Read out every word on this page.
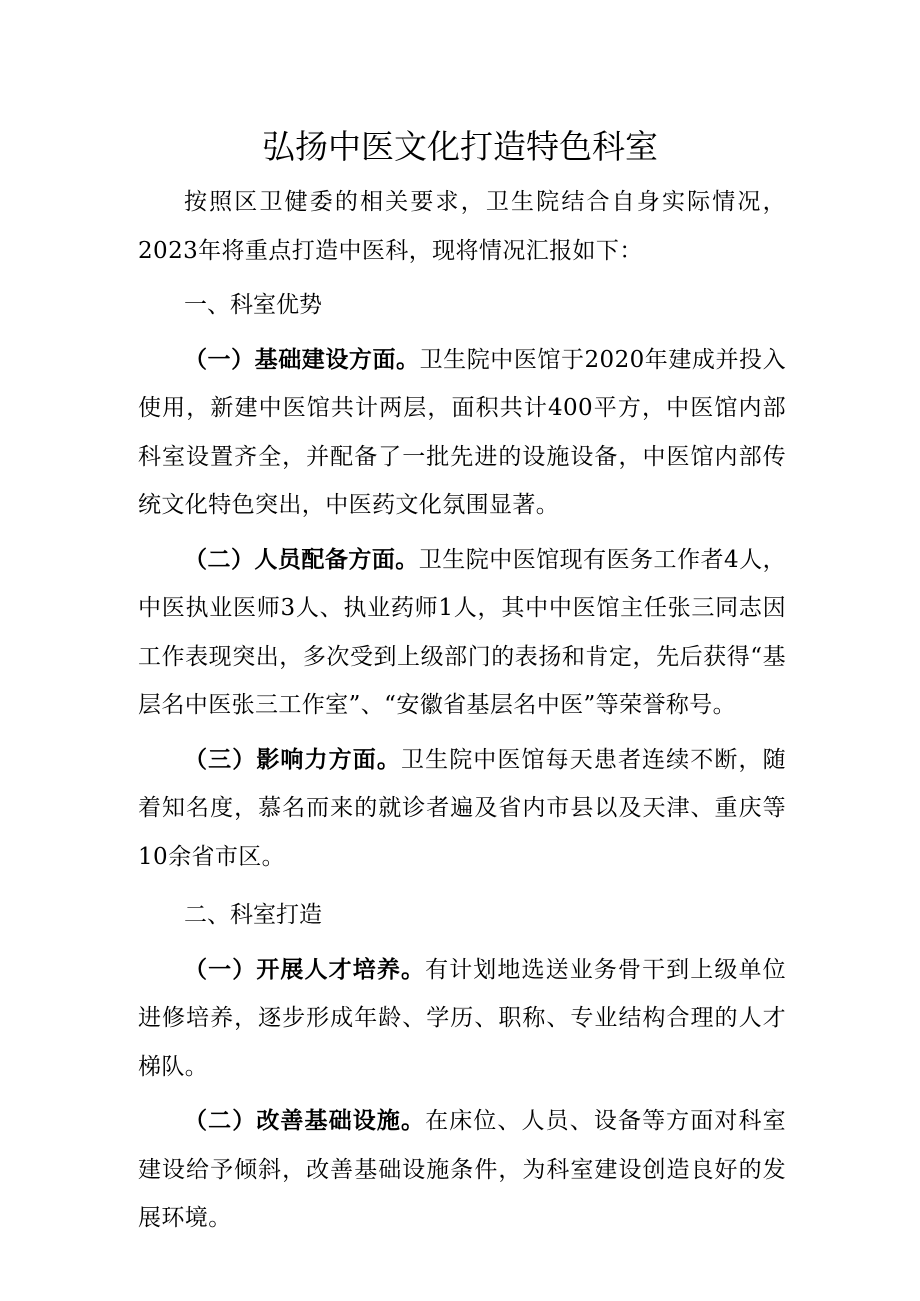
弘扬中医文化打造特色科室

按照区卫健委的相关要求，卫生院结合自身实际情况，2023年将重点打造中医科，现将情况汇报如下：

一、科室优势

（一）基础建设方面。卫生院中医馆于2020年建成并投入使用，新建中医馆共计两层，面积共计400平方，中医馆内部科室设置齐全，并配备了一批先进的设施设备，中医馆内部传统文化特色突出，中医药文化氛围显著。

（二）人员配备方面。卫生院中医馆现有医务工作者4人，中医执业医师3人、执业药师1人，其中中医馆主任张三同志因工作表现突出，多次受到上级部门的表扬和肯定，先后获得“基层名中医张三工作室”、“安徽省基层名中医”等荣誉称号。

（三）影响力方面。卫生院中医馆每天患者连续不断，随着知名度，慕名而来的就诊者遍及省内市县以及天津、重庆等10余省市区。

二、科室打造

（一）开展人才培养。有计划地选送业务骨干到上级单位进修培养，逐步形成年龄、学历、职称、专业结构合理的人才梯队。

（二）改善基础设施。在床位、人员、设备等方面对科室建设给予倾斜，改善基础设施条件，为科室建设创造良好的发展环境。
